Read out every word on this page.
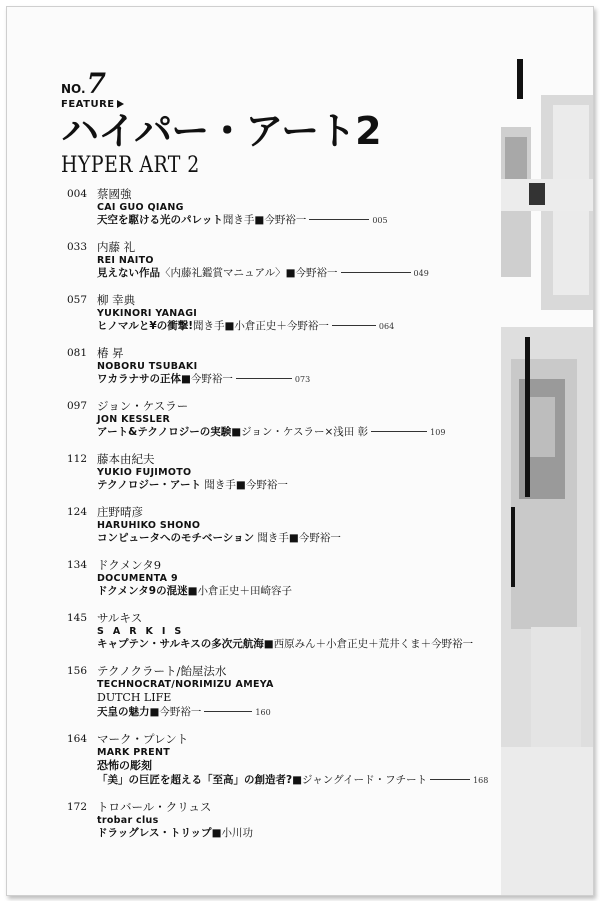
NO.7
FEATURE
ハイパー・アート2
HYPER ART 2
004 蔡國強
CAI GUO QIANG
天空を駆ける光のパレット聞き手■今野裕一	005
033 内藤 礼
REI NAITO
見えない作品〈内藤礼鑑賞マニュアル〉■今野裕一	049
057 柳 幸典
YUKINORI YANAGI
ヒノマルと¥の衝撃!聞き手■小倉正史＋今野裕一	064
081 椿 昇
NOBORU TSUBAKI
ワカラナサの正体■今野裕一	073
097 ジョン・ケスラー
JON KESSLER
アート&テクノロジーの実験■ジョン・ケスラー×浅田 彰	109
112 藤本由紀夫
YUKIO FUJIMOTO
テクノロジー・アート 聞き手■今野裕一
124 庄野晴彦
HARUHIKO SHONO
コンピュータへのモチベーション 聞き手■今野裕一
134 ドクメンタ9
DOCUMENTA 9
ドクメンタ9の混迷■小倉正史＋田崎容子
145 サルキス
SARKIS
キャプテン・サルキスの多次元航海■西原みん＋小倉正史＋荒井くま＋今野裕一
156 テクノクラート/飴屋法水
TECHNOCRAT/NORIMIZU AMEYA
DUTCH LIFE
天皇の魅力■今野裕一	160
164 マーク・プレント
MARK PRENT
恐怖の彫刻
「美」の巨匠を超える「至高」の創造者?■ジャングイード・フチート	168
172 トロバール・クリュス
trobar clus
ドラッグレス・トリップ■小川功
